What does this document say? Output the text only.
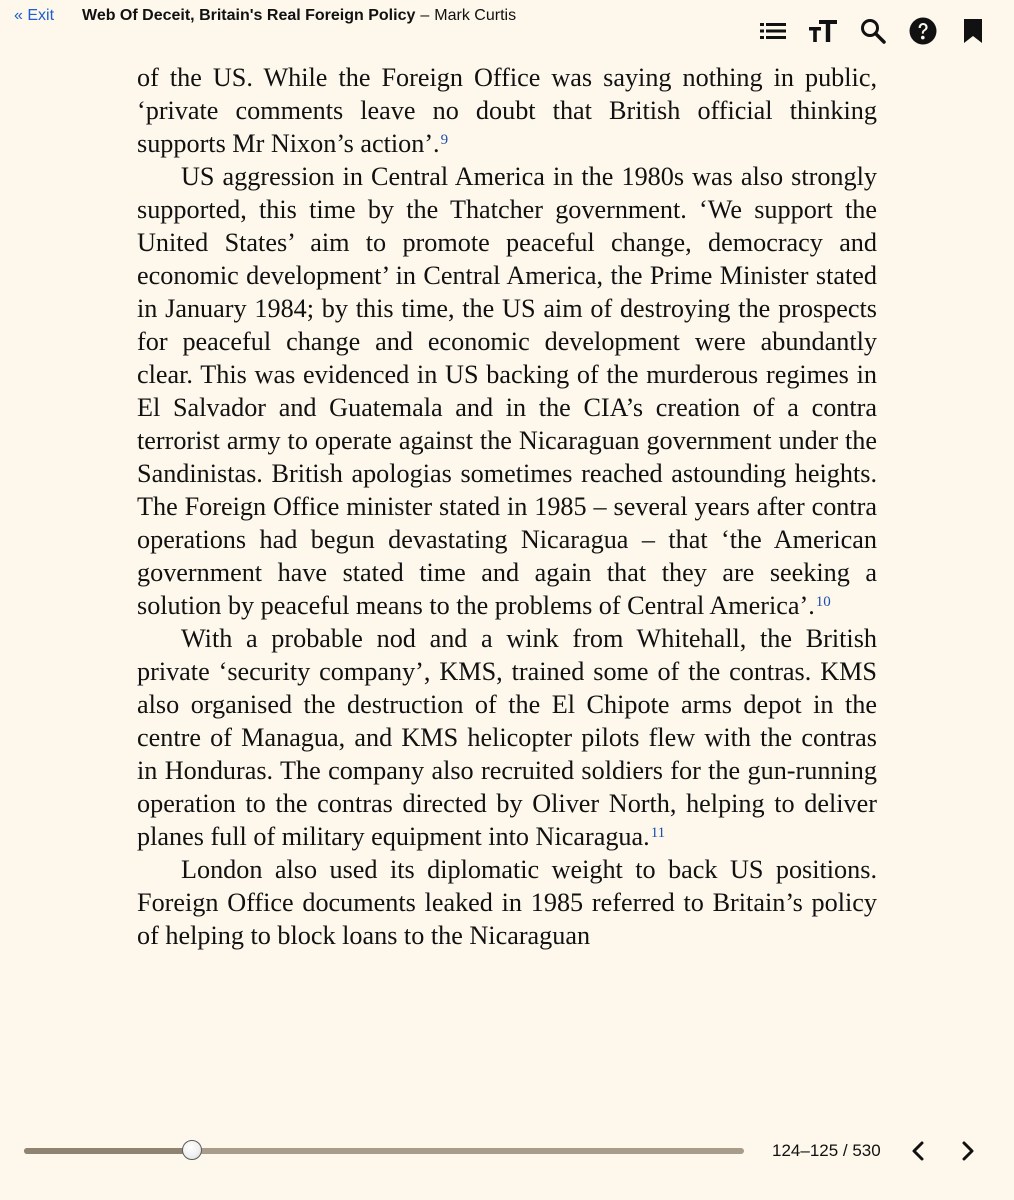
« Exit Web Of Deceit, Britain's Real Foreign Policy – Mark Curtis

of the US. While the Foreign Office was saying nothing in public, ‘private comments leave no doubt that British official thinking supports Mr Nixon’s action’.$^9$

US aggression in Central America in the 1980s was also strongly supported, this time by the Thatcher government. ‘We support the United States’ aim to promote peaceful change, democracy and economic development’ in Central America, the Prime Minister stated in January 1984; by this time, the US aim of destroying the prospects for peaceful change and economic development were abundantly clear. This was evidenced in US backing of the murderous regimes in El Salvador and Guatemala and in the CIA’s creation of a contra terrorist army to operate against the Nicaraguan government under the Sandinistas. British apologias sometimes reached astounding heights. The Foreign Office minister stated in 1985 – several years after contra operations had begun devastating Nicaragua – that ‘the American government have stated time and again that they are seeking a solution by peaceful means to the problems of Central America’.$^{10}$

With a probable nod and a wink from Whitehall, the British private ‘security company’, KMS, trained some of the contras. KMS also organised the destruction of the El Chipote arms depot in the centre of Managua, and KMS helicopter pilots flew with the contras in Honduras. The company also recruited soldiers for the gun-running operation to the contras directed by Oliver North, helping to deliver planes full of military equipment into Nicaragua.$^{11}$

London also used its diplomatic weight to back US positions. Foreign Office documents leaked in 1985 referred to Britain’s policy of helping to block loans to the Nicaraguan

124–125 / 530
